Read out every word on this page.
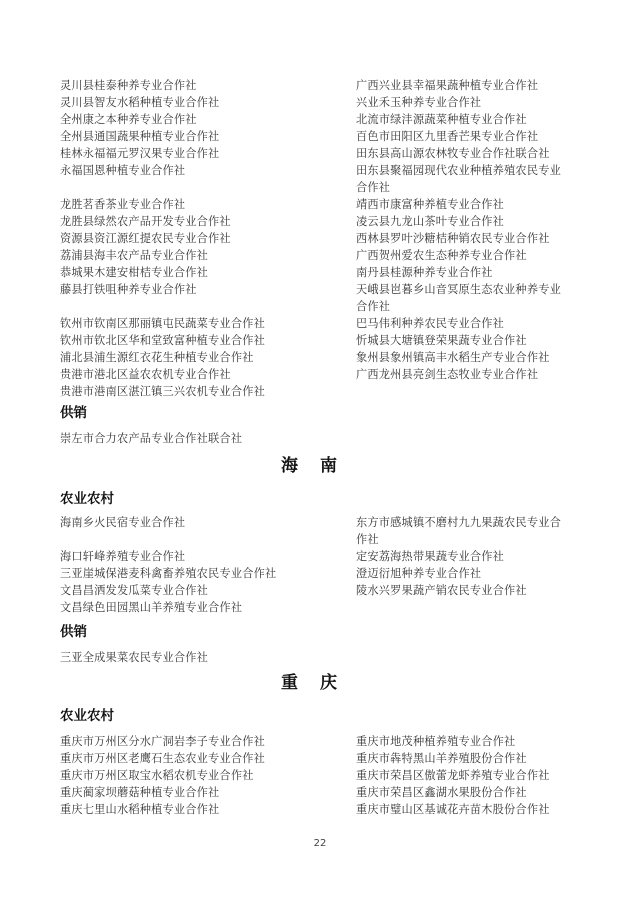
灵川县桂泰种养专业合作社
灵川县智友水稻种植专业合作社
全州康之本种养专业合作社
全州县通国蔬果种植专业合作社
桂林永福福元罗汉果专业合作社
永福国恩种植专业合作社
龙胜茗香茶业专业合作社
龙胜县绿然农产品开发专业合作社
资源县资江源红提农民专业合作社
荔浦县海丰农产品专业合作社
恭城果木建安柑桔专业合作社
藤县打铁咀种养专业合作社
钦州市钦南区那丽镇屯民蔬菜专业合作社
钦州市钦北区华和堂致富种植专业合作社
浦北县浦生源红衣花生种植专业合作社
贵港市港北区益农农机专业合作社
贵港市港南区湛江镇三兴农机专业合作社
广西兴业县幸福果蔬种植专业合作社
兴业禾玉种养专业合作社
北流市绿沣源蔬菜种植专业合作社
百色市田阳区九里香芒果专业合作社
田东县高山源农林牧专业合作社联合社
田东县聚福园现代农业种植养殖农民专业
合作社
靖西市康富种养植专业合作社
凌云县九龙山茶叶专业合作社
西林县罗叶沙糖桔种销农民专业合作社
广西贺州爱农生态种养专业合作社
南丹县桂源种养专业合作社
天峨县岜暮乡山音冥原生态农业种养专业
合作社
巴马伟利种养农民专业合作社
忻城县大塘镇登荣果蔬专业合作社
象州县象州镇高丰水稻生产专业合作社
广西龙州县亮剑生态牧业专业合作社
供销
崇左市合力农产品专业合作社联合社
海南
农业农村
海南乡火民宿专业合作社
海口轩峰养殖专业合作社
三亚崖城保港麦科禽畜养殖农民专业合作社
文昌昌洒发发瓜菜专业合作社
文昌绿色田园黑山羊养殖专业合作社
东方市感城镇不磨村九九果蔬农民专业合
作社
定安荔海热带果蔬专业合作社
澄迈衍旭种养专业合作社
陵水兴罗果蔬产销农民专业合作社
供销
三亚全成果菜农民专业合作社
重庆
农业农村
重庆市万州区分水广洞岩李子专业合作社
重庆市万州区老鹰石生态农业专业合作社
重庆市万州区取宝水稻农机专业合作社
重庆蔺家坝蘑菇种植专业合作社
重庆七里山水稻种植专业合作社
重庆市地茂种植养殖专业合作社
重庆市犇特黑山羊养殖股份合作社
重庆市荣昌区傲蕾龙虾养殖专业合作社
重庆市荣昌区鑫湖水果股份合作社
重庆市璧山区基诚花卉苗木股份合作社
22
